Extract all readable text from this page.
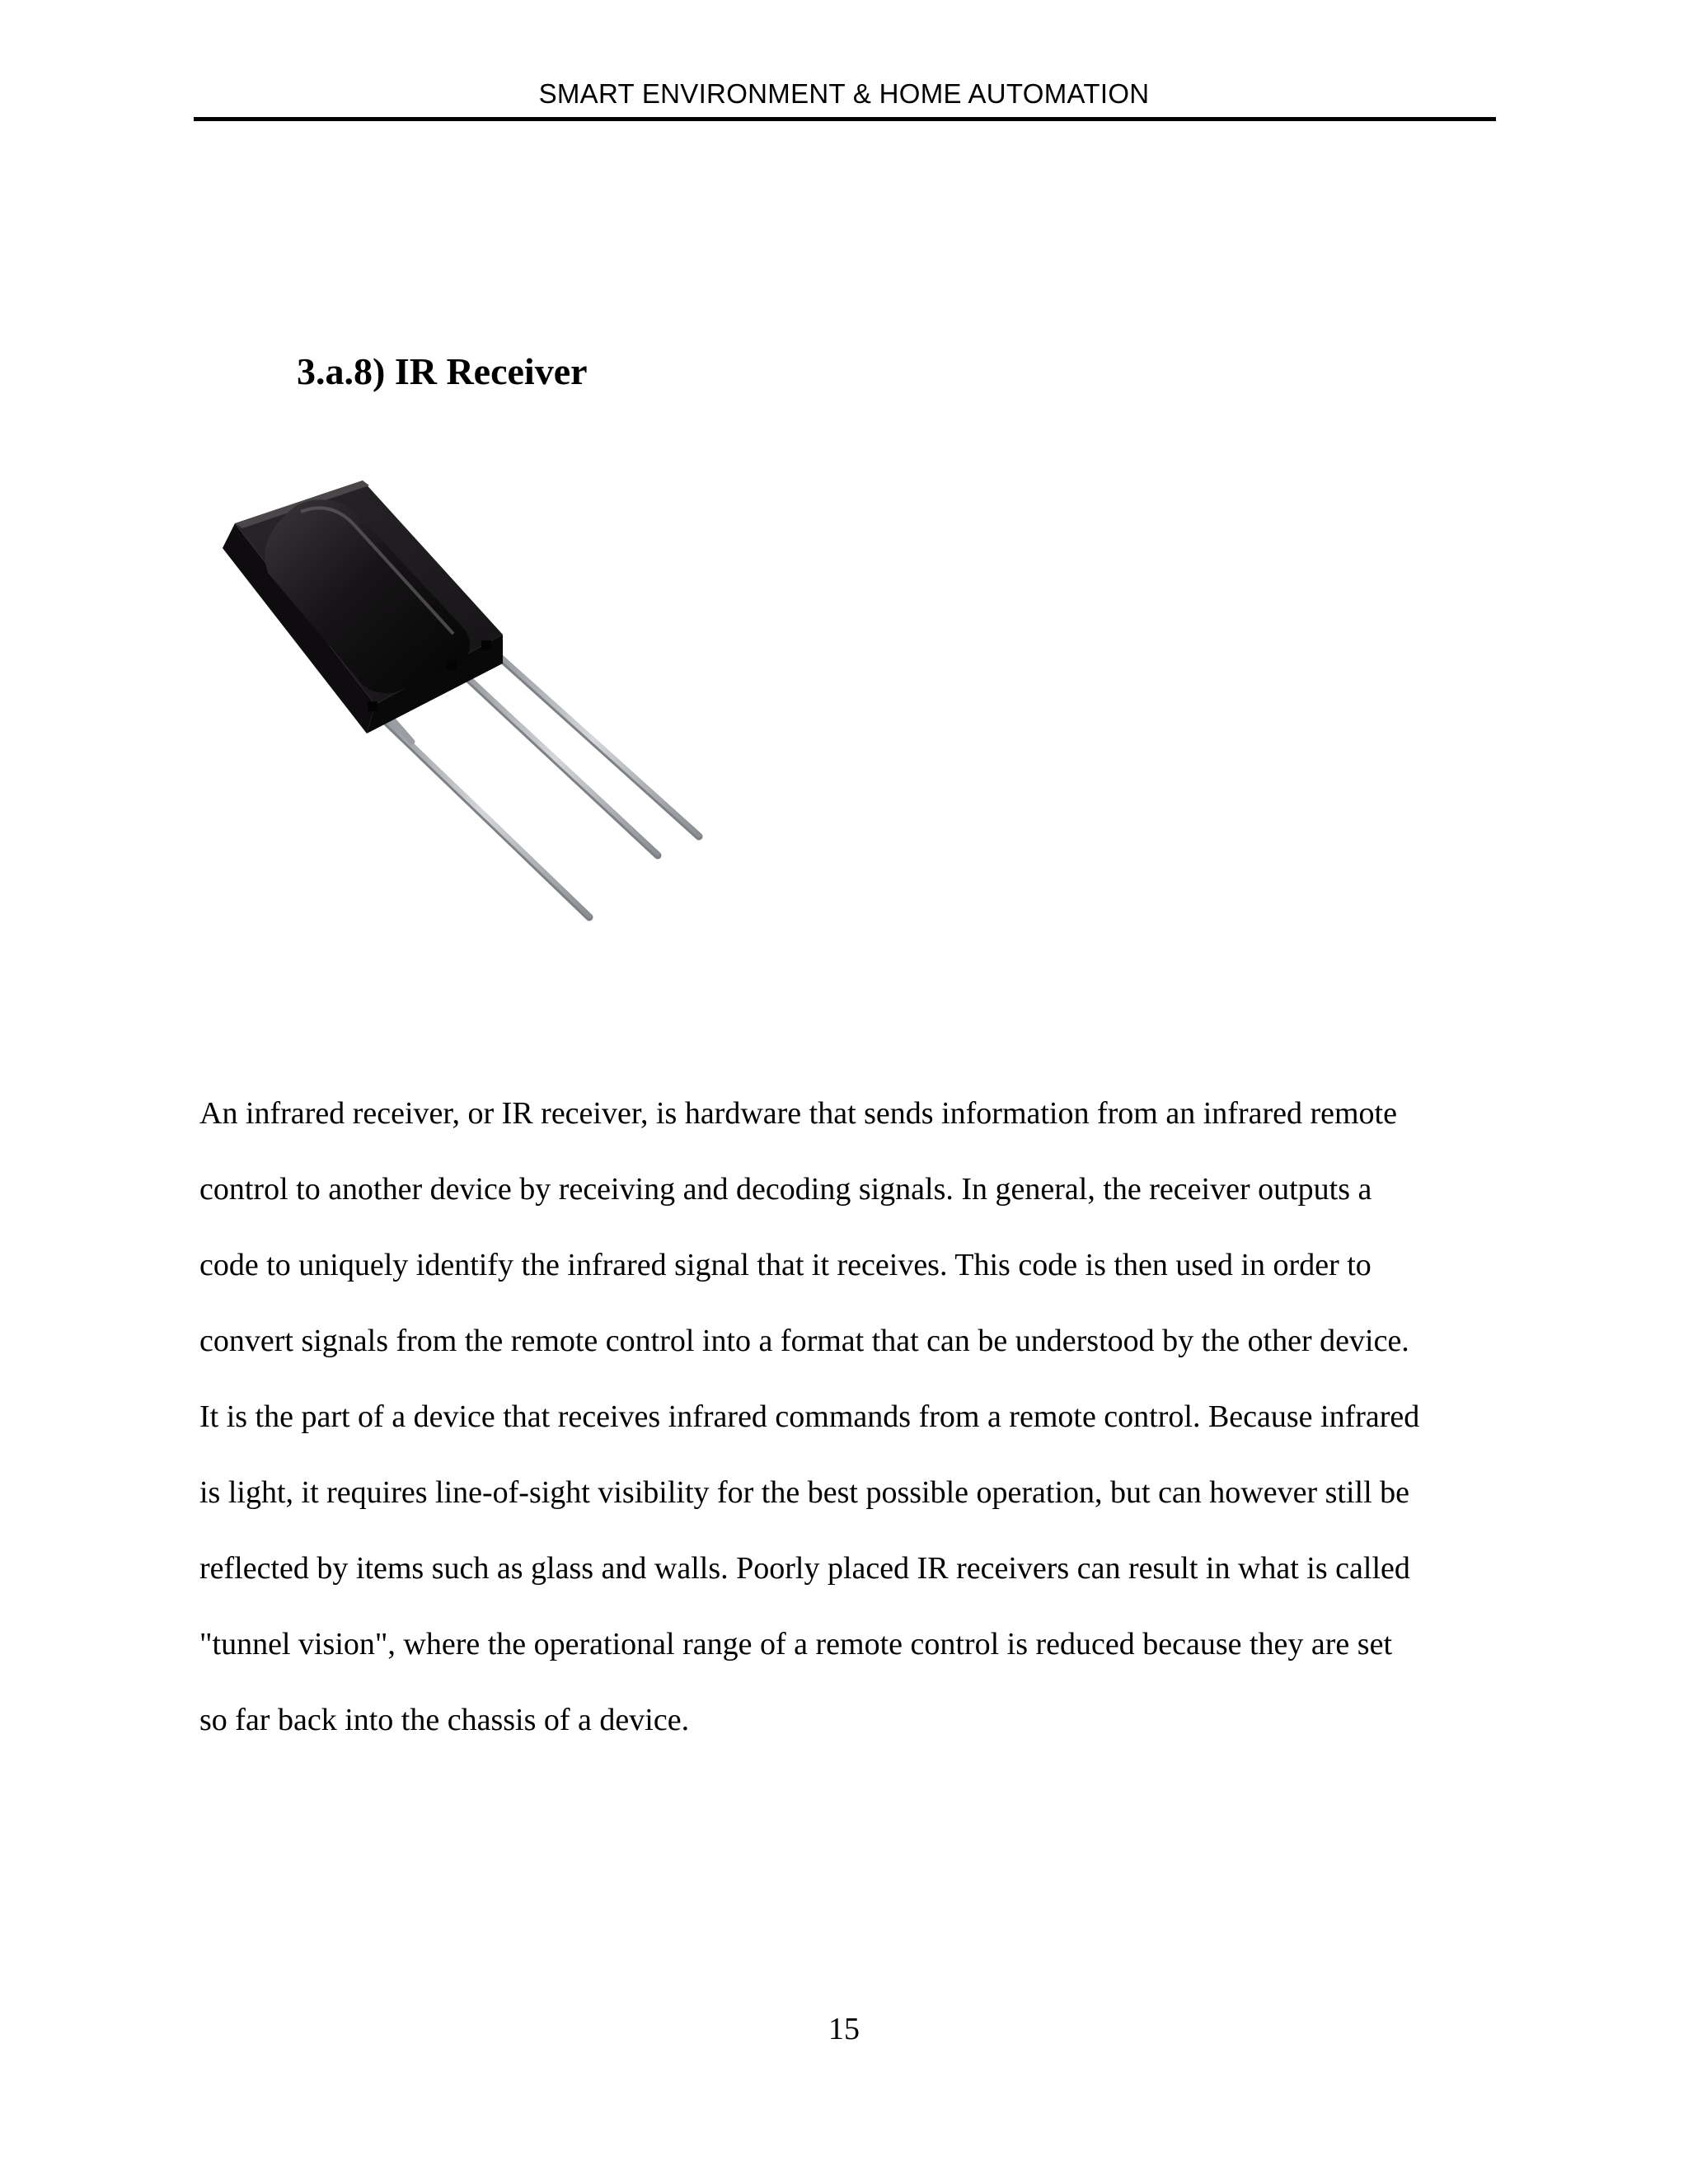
SMART ENVIRONMENT & HOME AUTOMATION
3.a.8) IR Receiver
An infrared receiver, or IR receiver, is hardware that sends information from an infrared remote
control to another device by receiving and decoding signals. In general, the receiver outputs a
code to uniquely identify the infrared signal that it receives. This code is then used in order to
convert signals from the remote control into a format that can be understood by the other device.
It is the part of a device that receives infrared commands from a remote control. Because infrared
is light, it requires line-of-sight visibility for the best possible operation, but can however still be
reflected by items such as glass and walls. Poorly placed IR receivers can result in what is called
"tunnel vision", where the operational range of a remote control is reduced because they are set
so far back into the chassis of a device.
15
